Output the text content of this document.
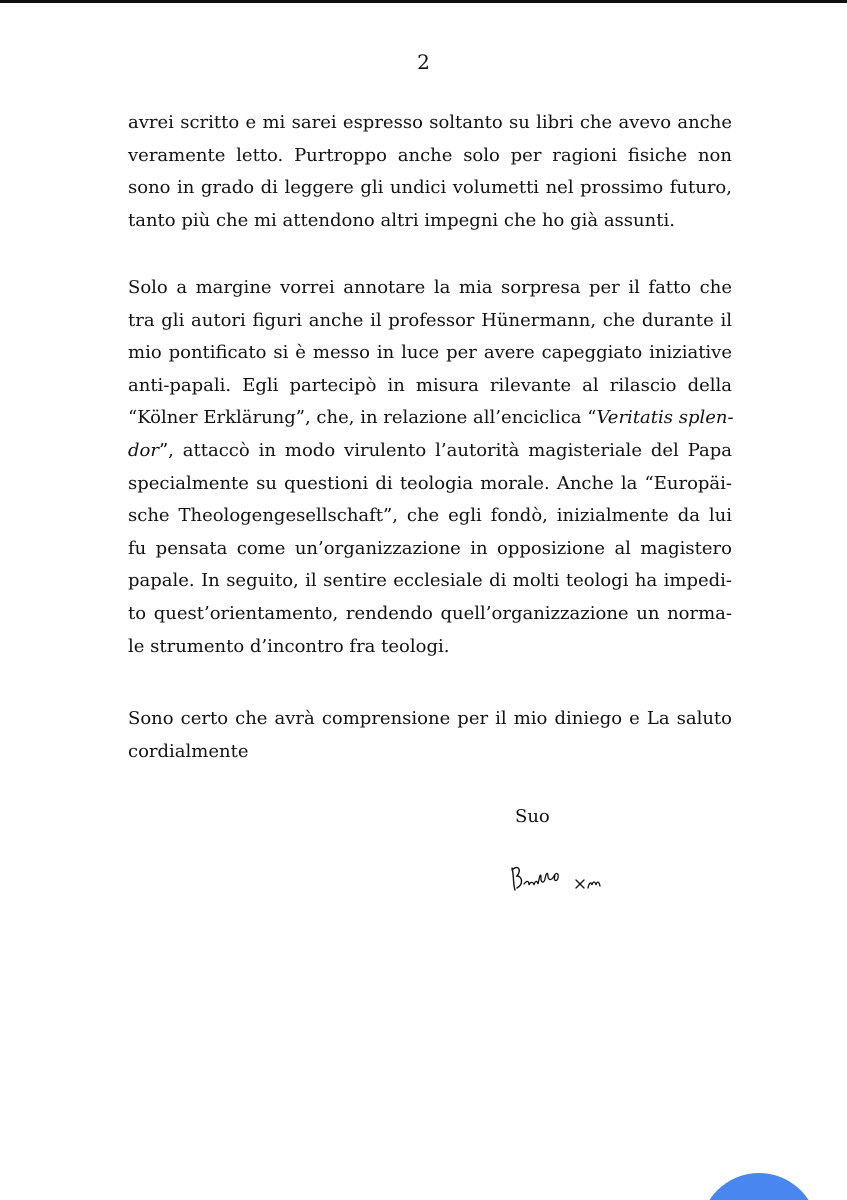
2
avrei scritto e mi sarei espresso soltanto su libri che avevo anche
veramente letto. Purtroppo anche solo per ragioni fisiche non
sono in grado di leggere gli undici volumetti nel prossimo futuro,
tanto più che mi attendono altri impegni che ho già assunti.
Solo a margine vorrei annotare la mia sorpresa per il fatto che
tra gli autori figuri anche il professor Hünermann, che durante il
mio pontificato si è messo in luce per avere capeggiato iniziative
anti-papali. Egli partecipò in misura rilevante al rilascio della
“Kölner Erklärung”, che, in relazione all’enciclica “Veritatis splen-
dor”, attaccò in modo virulento l’autorità magisteriale del Papa
specialmente su questioni di teologia morale. Anche la “Europäi-
sche Theologengesellschaft”, che egli fondò, inizialmente da lui
fu pensata come un’organizzazione in opposizione al magistero
papale. In seguito, il sentire ecclesiale di molti teologi ha impedi-
to quest’orientamento, rendendo quell’organizzazione un norma-
le strumento d’incontro fra teologi.
Sono certo che avrà comprensione per il mio diniego e La saluto
cordialmente
Suo
